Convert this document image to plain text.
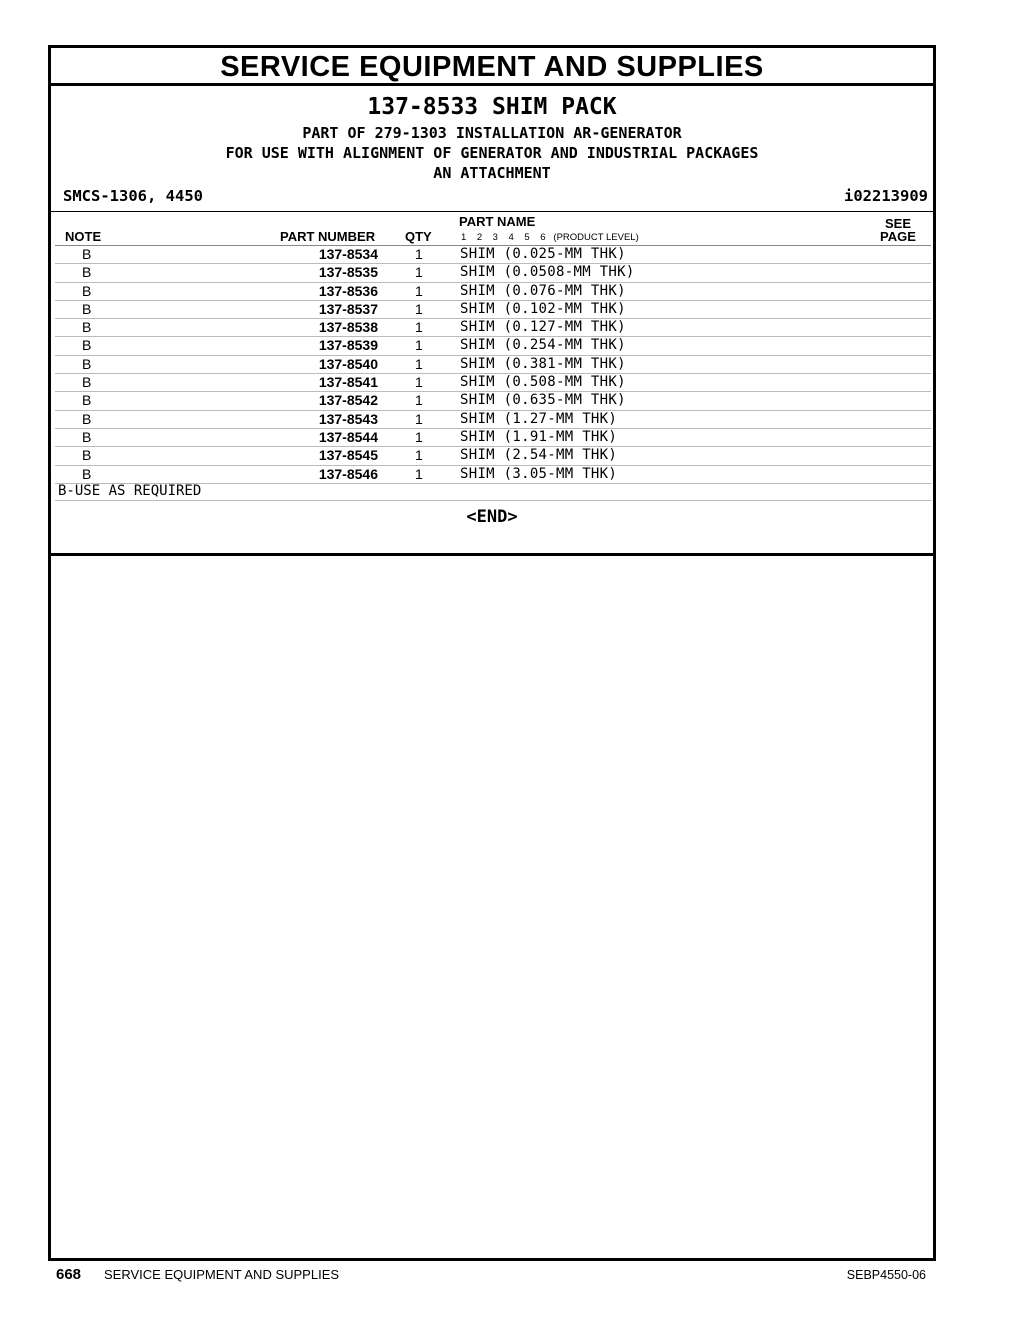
SERVICE EQUIPMENT AND SUPPLIES
137-8533 SHIM PACK
PART OF 279-1303 INSTALLATION AR-GENERATOR
FOR USE WITH ALIGNMENT OF GENERATOR AND INDUSTRIAL PACKAGES
AN ATTACHMENT
SMCS-1306, 4450	i02213909
NOTE	PART NUMBER QTY
PART NAME
1    2    3    4    5    6   (PRODUCT LEVEL)
SEE
PAGE
B	137-8534	1	SHIM (0.025-MM THK)
B	137-8535	1	SHIM (0.0508-MM THK)
B	137-8536	1	SHIM (0.076-MM THK)
B	137-8537	1	SHIM (0.102-MM THK)
B	137-8538	1	SHIM (0.127-MM THK)
B	137-8539	1	SHIM (0.254-MM THK)
B	137-8540	1	SHIM (0.381-MM THK)
B	137-8541	1	SHIM (0.508-MM THK)
B	137-8542	1	SHIM (0.635-MM THK)
B	137-8543	1	SHIM (1.27-MM THK)
B	137-8544	1	SHIM (1.91-MM THK)
B	137-8545	1	SHIM (2.54-MM THK)
B	137-8546	1	SHIM (3.05-MM THK)
B-USE AS REQUIRED
<END>
668 SERVICE EQUIPMENT AND SUPPLIES	SEBP4550-06
